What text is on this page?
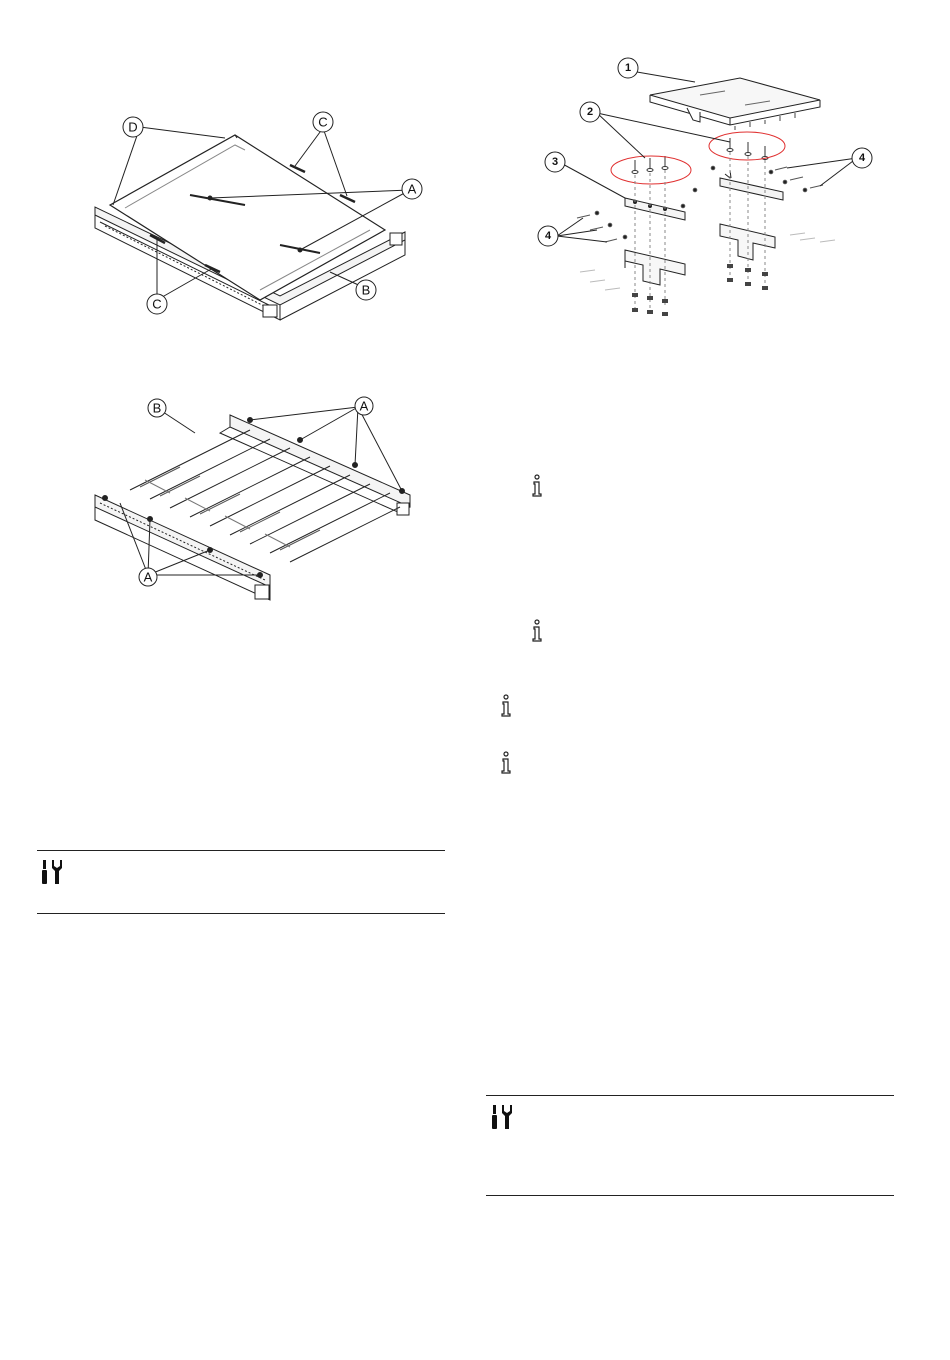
D	C
A
B
C
B	A
A
1
2
3	4
4
